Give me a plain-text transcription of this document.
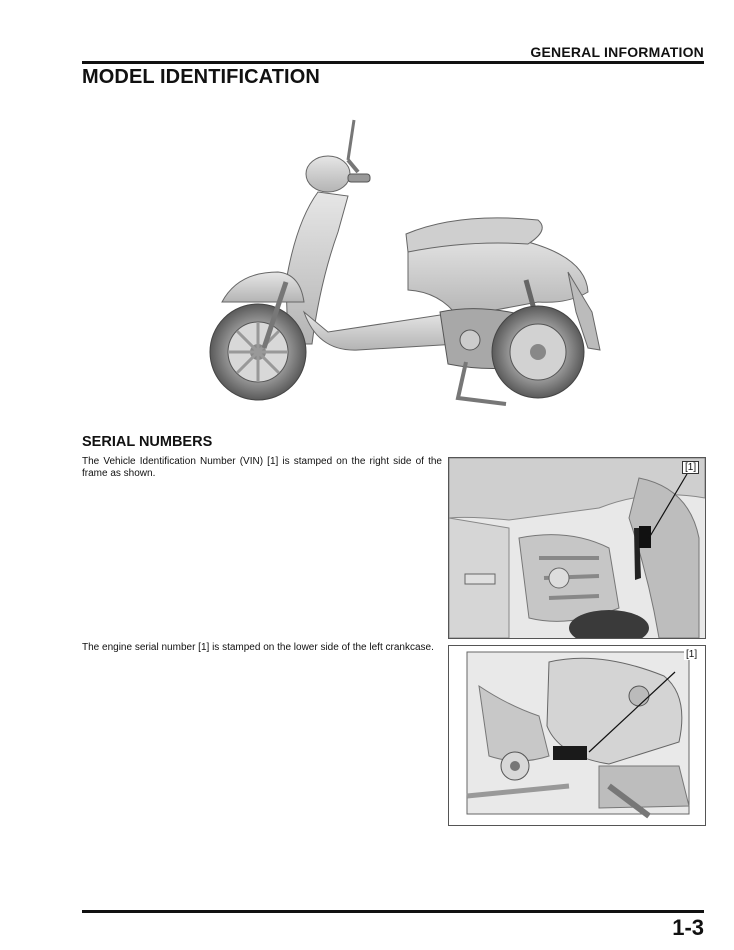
GENERAL INFORMATION
MODEL IDENTIFICATION
SERIAL NUMBERS
The Vehicle Identification Number (VIN) [1] is stamped on the right side of the frame as shown.
The engine serial number [1] is stamped on the lower side of the left crankcase.
[1]
[1]
1-3
